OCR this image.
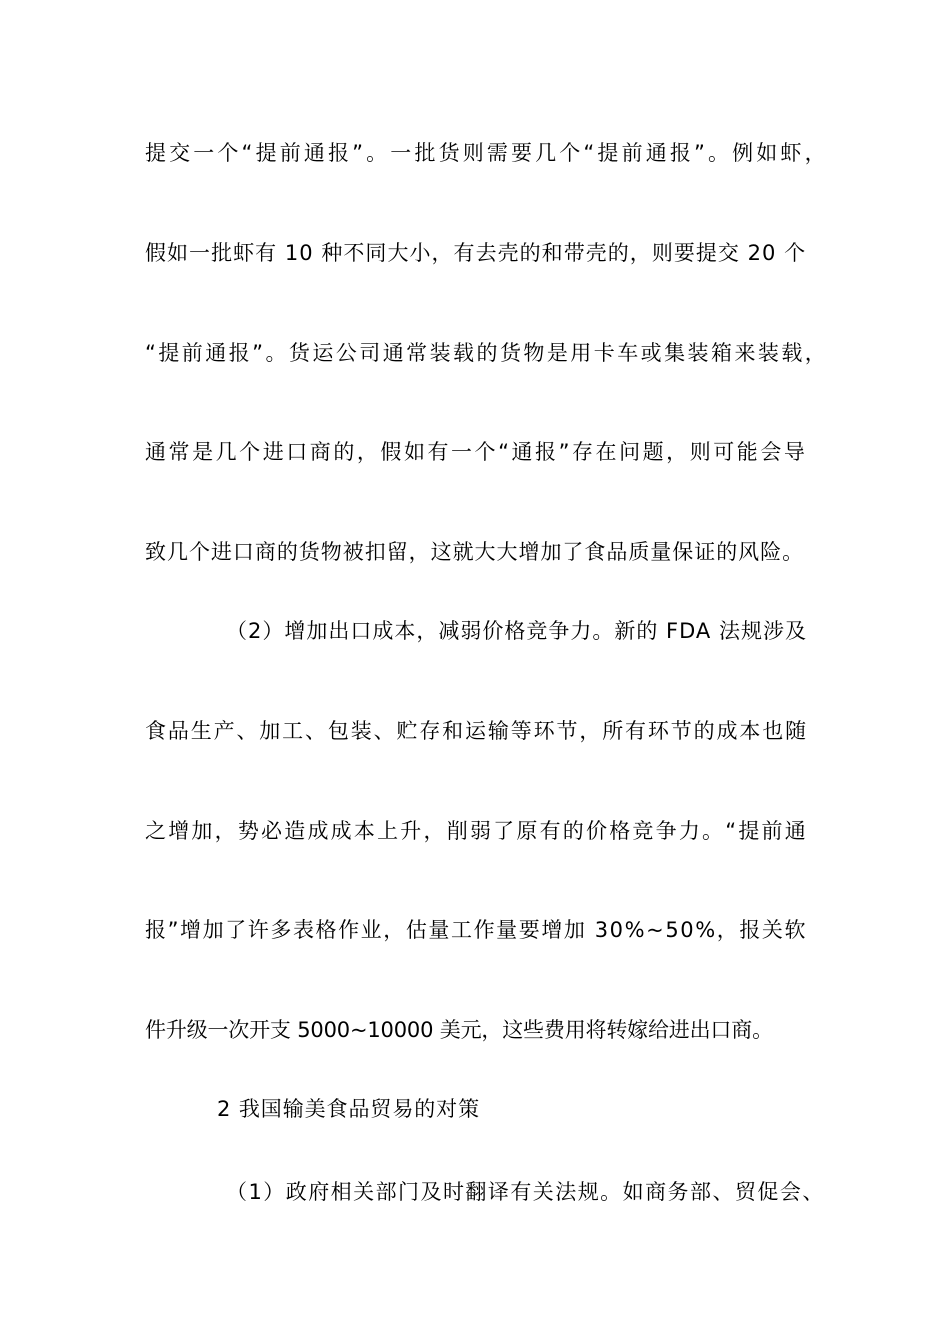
提交一个“提前通报”。一批货则需要几个“提前通报”。例如虾，
假如一批虾有 10 种不同大小，有去壳的和带壳的，则要提交 20 个
“提前通报”。货运公司通常装载的货物是用卡车或集装箱来装载，
通常是几个进口商的，假如有一个“通报”存在问题，则可能会导
致几个进口商的货物被扣留，这就大大增加了食品质量保证的风险。
（2）增加出口成本，减弱价格竞争力。新的 FDA 法规涉及
食品生产、加工、包装、贮存和运输等环节，所有环节的成本也随
之增加，势必造成成本上升，削弱了原有的价格竞争力。“提前通
报”增加了许多表格作业，估量工作量要增加 30%~50%，报关软
件升级一次开支 5000~10000 美元，这些费用将转嫁给进出口商。
2 我国输美食品贸易的对策
（1）政府相关部门及时翻译有关法规。如商务部、贸促会、
